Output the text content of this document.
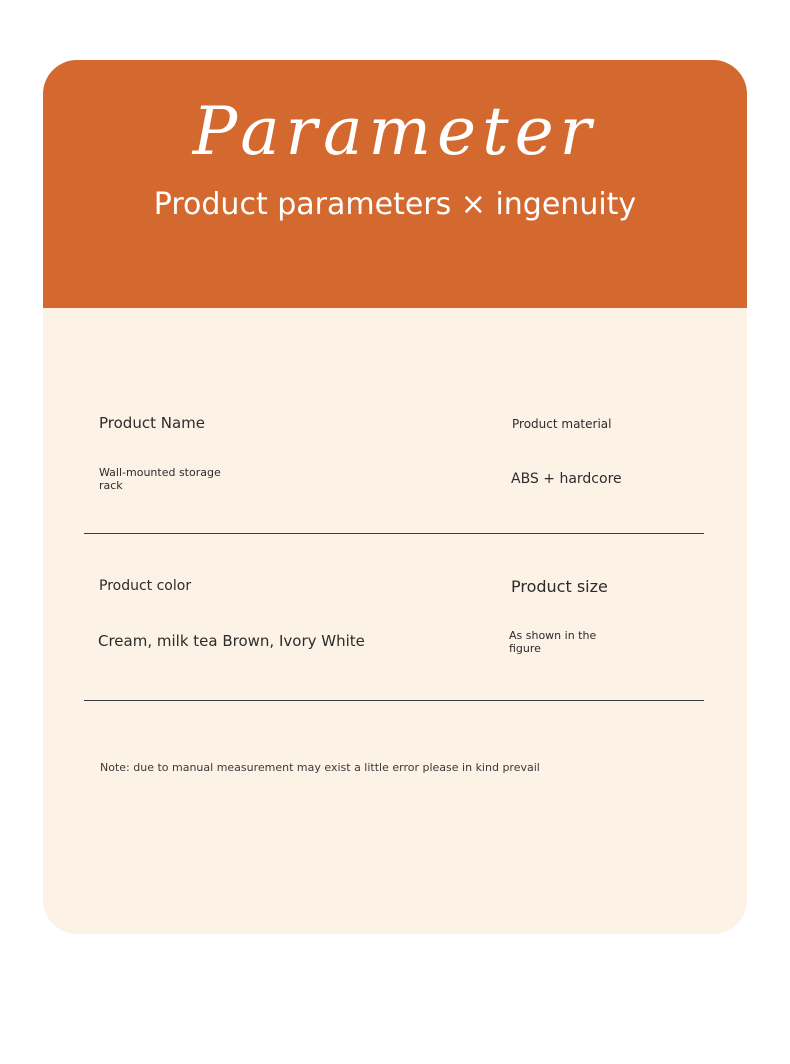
Parameter
Product parameters × ingenuity
Product Name
Wall-mounted storage rack
Product material
ABS + hardcore
Product color
Cream, milk tea Brown, Ivory White
Product size
As shown in the figure
Note: due to manual measurement may exist a little error please in kind prevail
